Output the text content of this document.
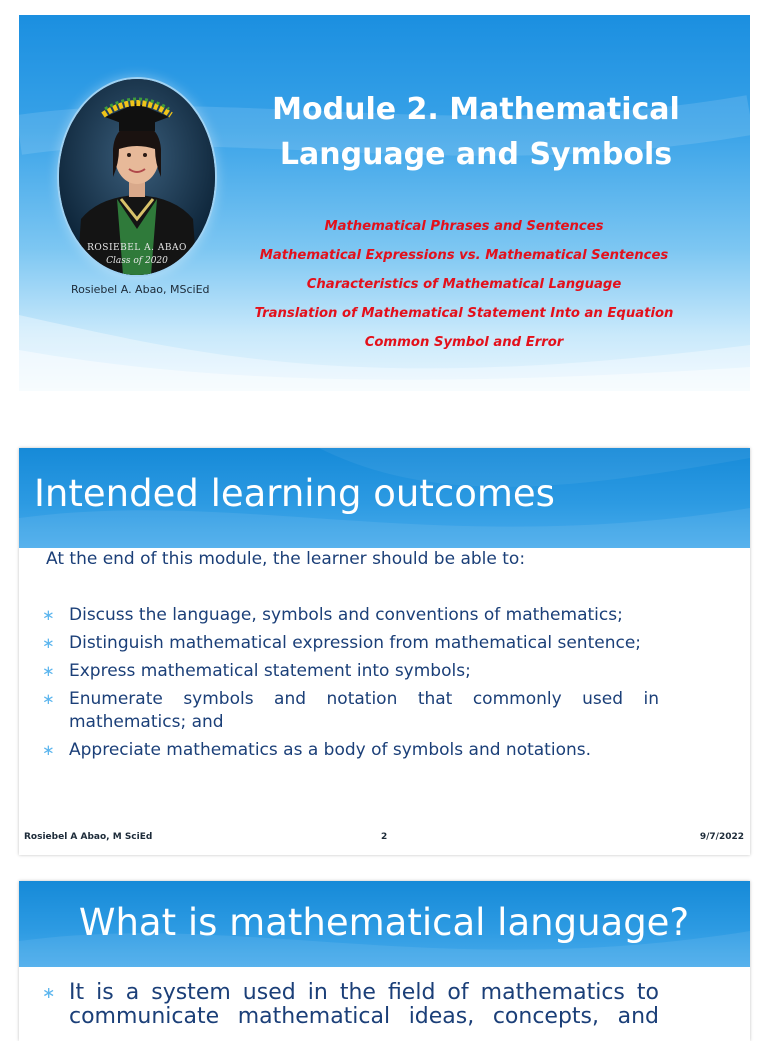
ROSIEBEL A. ABAO
Class of 2020
Rosiebel A. Abao, MSciEd
Module 2. Mathematical Language and Symbols
Mathematical Phrases and Sentences
Mathematical Expressions vs. Mathematical Sentences
Characteristics of Mathematical Language
Translation of Mathematical Statement Into an Equation
Common Symbol and Error
Intended learning outcomes
At the end of this module, the learner should be able to:
∗ Discuss the language, symbols and conventions of mathematics;
∗ Distinguish mathematical expression from mathematical sentence;
∗ Express mathematical statement into symbols;
∗ Enumerate symbols and notation that commonly used in mathematics; and
∗ Appreciate mathematics as a body of symbols and notations.
Rosiebel A Abao, M SciEd	2	9/7/2022
What is mathematical language?
∗ It is a system used in the field of mathematics to communicate mathematical ideas, concepts, and
